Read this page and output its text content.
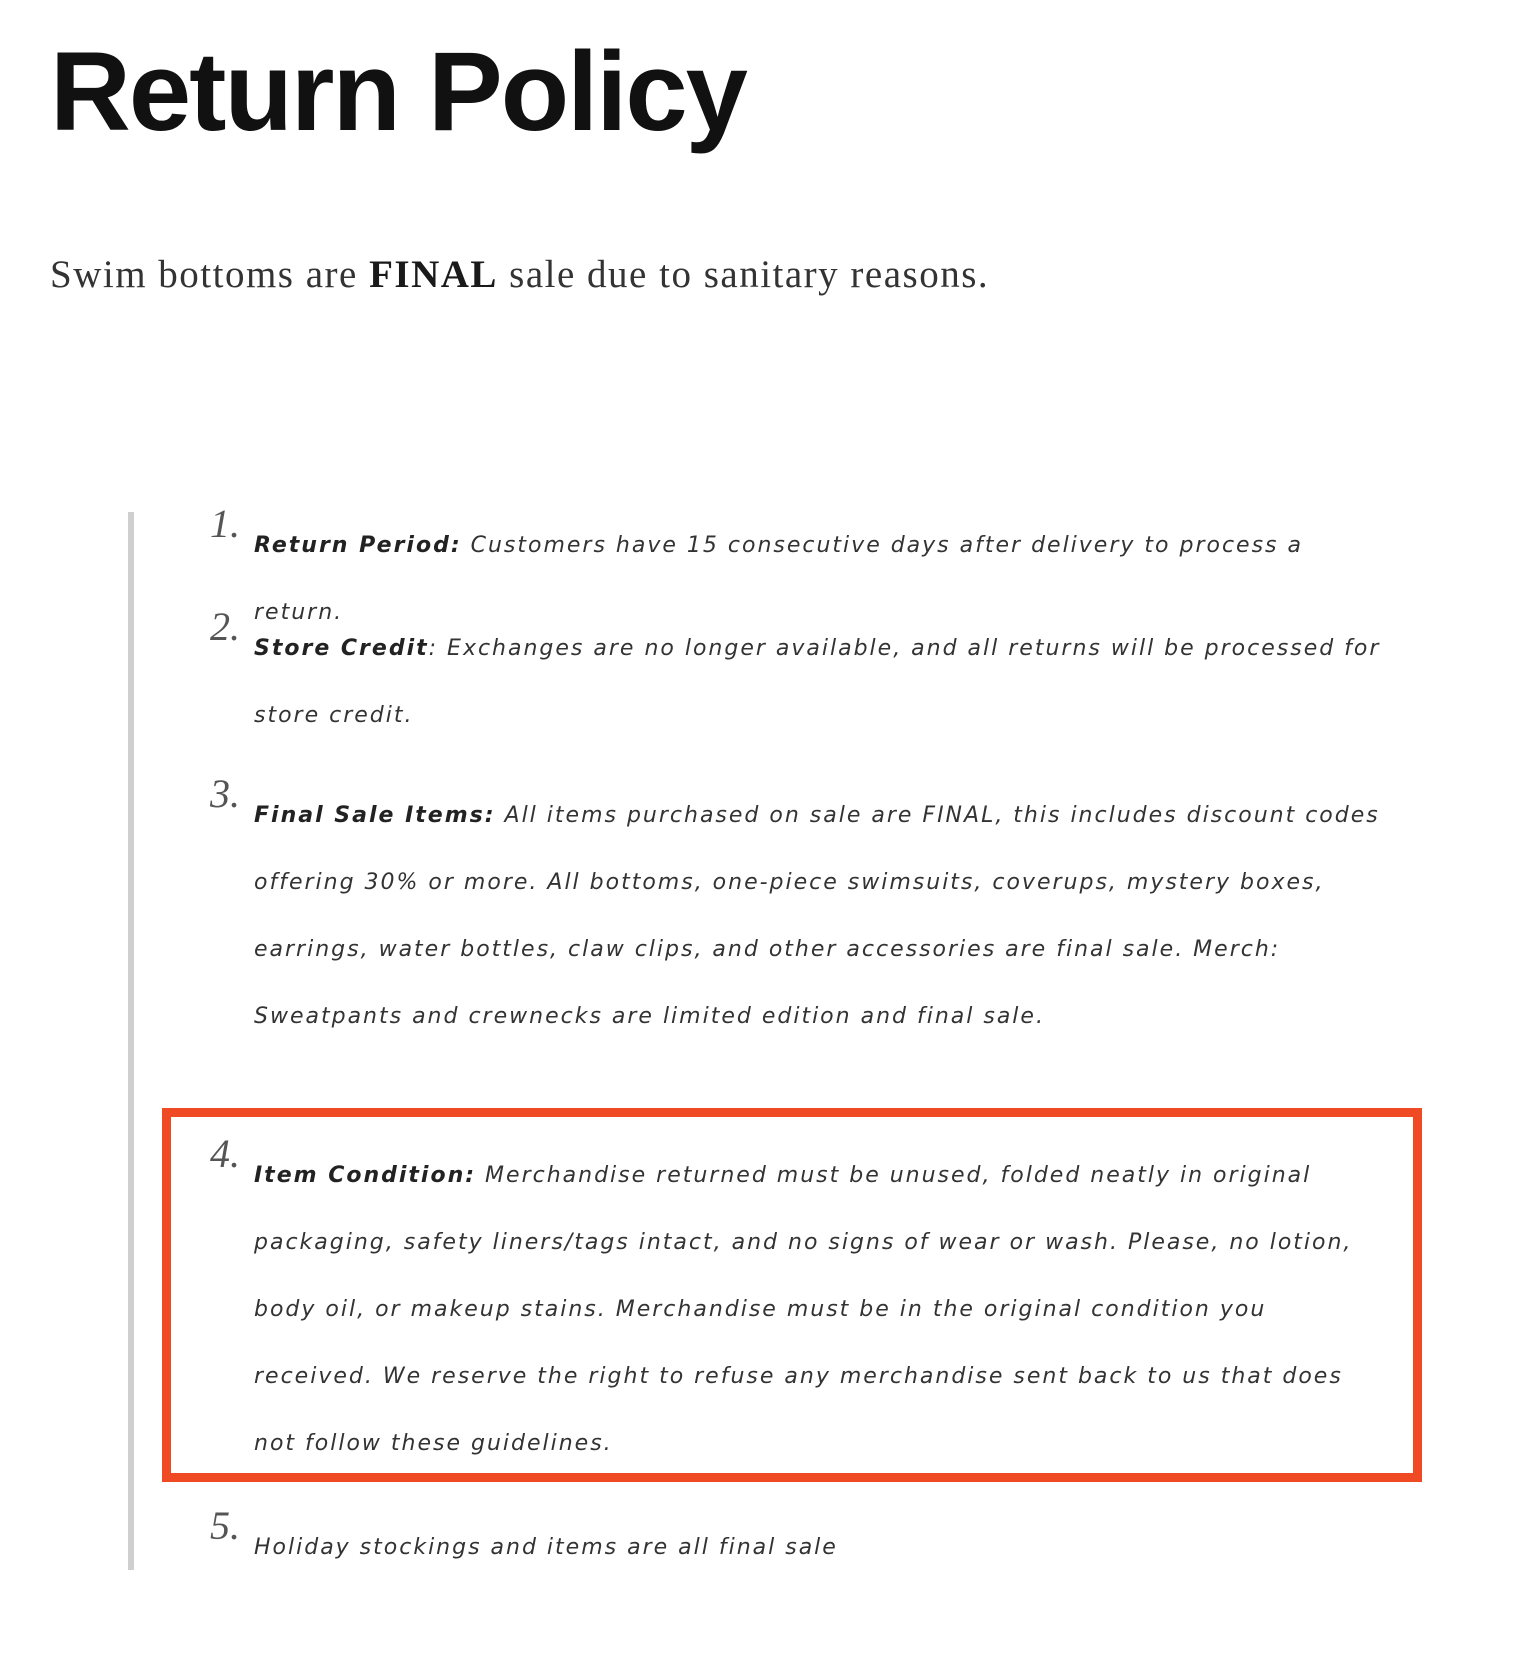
Return Policy

Swim bottoms are FINAL sale due to sanitary reasons.

1. Return Period: Customers have 15 consecutive days after delivery to process a return.

2. Store Credit: Exchanges are no longer available, and all returns will be processed for store credit.

3. Final Sale Items: All items purchased on sale are FINAL, this includes discount codes offering 30% or more. All bottoms, one-piece swimsuits, coverups, mystery boxes, earrings, water bottles, claw clips, and other accessories are final sale. Merch: Sweatpants and crewnecks are limited edition and final sale.

4. Item Condition: Merchandise returned must be unused, folded neatly in original packaging, safety liners/tags intact, and no signs of wear or wash. Please, no lotion, body oil, or makeup stains. Merchandise must be in the original condition you received. We reserve the right to refuse any merchandise sent back to us that does not follow these guidelines.

5. Holiday stockings and items are all final sale
